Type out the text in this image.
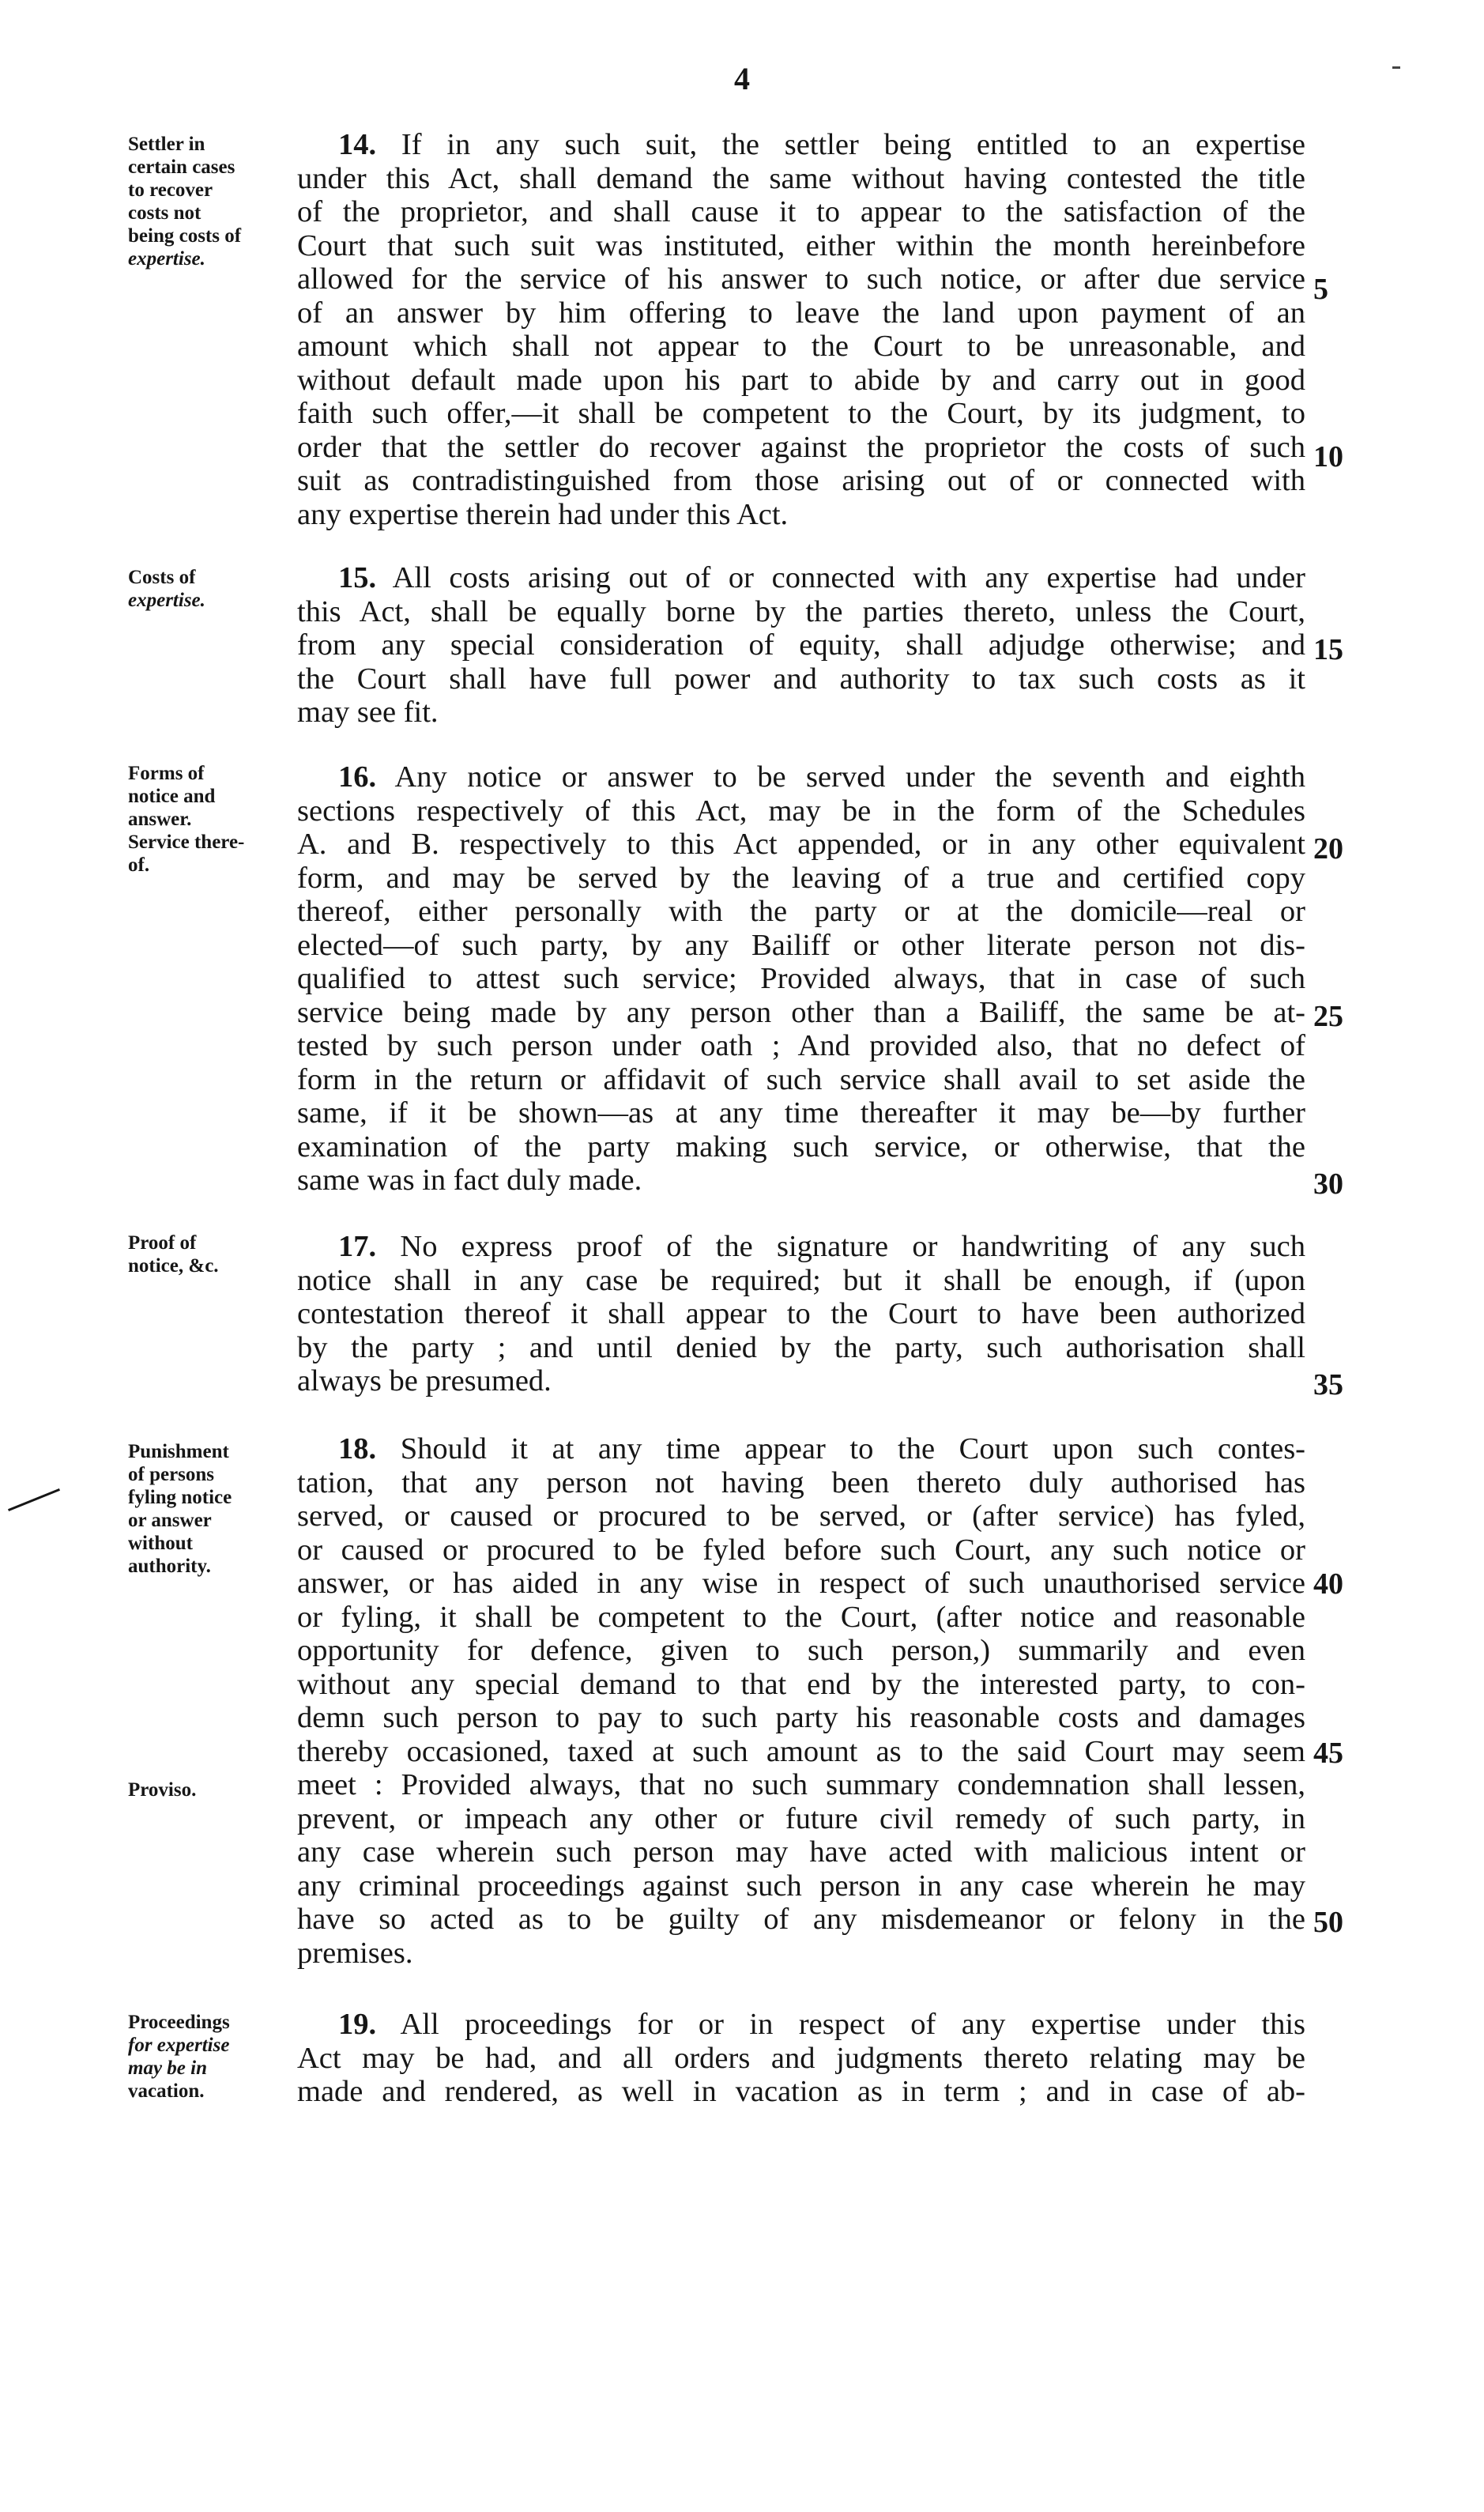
4
Settler in
certain cases
to recover
costs not
being costs of
expertise.
14. If in any such suit, the settler being entitled to an expertise
under this Act, shall demand the same without having contested the title
of the proprietor, and shall cause it to appear to the satisfaction of the
Court that such suit was instituted, either within the month hereinbefore
allowed for the service of his answer to such notice, or after due service
of an answer by him offering to leave the land upon payment of an
amount which shall not appear to the Court to be unreasonable, and
without default made upon his part to abide by and carry out in good
faith such offer,—it shall be competent to the Court, by its judgment, to
order that the settler do recover against the proprietor the costs of such
suit as contradistinguished from those arising out of or connected with
any expertise therein had under this Act.
Costs of
expertise.
15. All costs arising out of or connected with any expertise had under
this Act, shall be equally borne by the parties thereto, unless the Court,
from any special consideration of equity, shall adjudge otherwise; and
the Court shall have full power and authority to tax such costs as it
may see fit.
Forms of
notice and
answer.
Service there-
of.
16. Any notice or answer to be served under the seventh and eighth
sections respectively of this Act, may be in the form of the Schedules
A. and B. respectively to this Act appended, or in any other equivalent
form, and may be served by the leaving of a true and certified copy
thereof, either personally with the party or at the domicile—real or
elected—of such party, by any Bailiff or other literate person not dis-
qualified to attest such service; Provided always, that in case of such
service being made by any person other than a Bailiff, the same be at-
tested by such person under oath ; And provided also, that no defect of
form in the return or affidavit of such service shall avail to set aside the
same, if it be shown—as at any time thereafter it may be—by further
examination of the party making such service, or otherwise, that the
same was in fact duly made.
Proof of
notice, &c.
17. No express proof of the signature or handwriting of any such
notice shall in any case be required; but it shall be enough, if (upon
contestation thereof it shall appear to the Court to have been authorized
by the party ; and until denied by the party, such authorisation shall
always be presumed.
Punishment
of persons
fyling notice
or answer
without
authority.
Proviso.
18. Should it at any time appear to the Court upon such contes-
tation, that any person not having been thereto duly authorised has
served, or caused or procured to be served, or (after service) has fyled,
or caused or procured to be fyled before such Court, any such notice or
answer, or has aided in any wise in respect of such unauthorised service
or fyling, it shall be competent to the Court, (after notice and reasonable
opportunity for defence, given to such person,) summarily and even
without any special demand to that end by the interested party, to con-
demn such person to pay to such party his reasonable costs and damages
thereby occasioned, taxed at such amount as to the said Court may seem
meet : Provided always, that no such summary condemnation shall lessen,
prevent, or impeach any other or future civil remedy of such party, in
any case wherein such person may have acted with malicious intent or
any criminal proceedings against such person in any case wherein he may
have so acted as to be guilty of any misdemeanor or felony in the
premises.
Proceedings
for expertise
may be in
vacation.
19. All proceedings for or in respect of any expertise under this
Act may be had, and all orders and judgments thereto relating may be
made and rendered, as well in vacation as in term ; and in case of ab-
5
10
15
20
25
30
35
40
45
50
